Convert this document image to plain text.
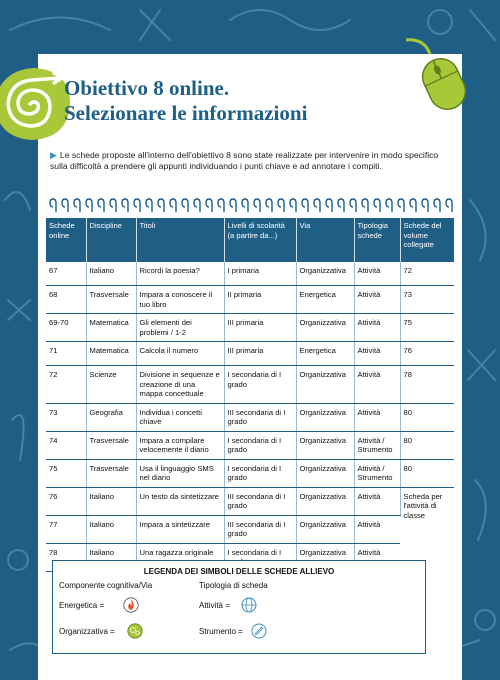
Obiettivo 8 online.
Selezionare le informazioni

▶ Le schede proposte all'interno dell'obiettivo 8 sono state realizzate per intervenire in modo specifico sulla difficoltà a prendere gli appunti individuando i punti chiave e ad annotare i compiti.

Schede online	Discipline	Titoli	Livelli di scolarità (a partire da...)	Via	Tipologia schede	Schede del volume collegate
67	Italiano	Ricordi la poesia?	I primaria	Organizzativa	Attività	72
68	Trasversale	Impara a conoscere il tuo libro	II primaria	Energetica	Attività	73
69-70	Matematica	Gli elementi dei problemi / 1-2	III primaria	Organizzativa	Attività	75
71	Matematica	Calcola il numero	III primaria	Energetica	Attività	76
72	Scienze	Divisione in sequenze e creazione di una mappa concettuale	I secondaria di I grado	Organizzativa	Attività	78
73	Geografia	Individua i concetti chiave	III secondaria di I grado	Organizzativa	Attività	80
74	Trasversale	Impara a compilare velocemente il diario	I secondaria di I grado	Organizzativa	Attività / Strumento	80
75	Trasversale	Usa il linguaggio SMS nel diario	I secondaria di I grado	Organizzativa	Attività / Strumento	80
76	Italiano	Un testo da sintetizzare	III secondaria di I grado	Organizzativa	Attività	Scheda per l'attività di classe
77	Italiano	Impara a sintetizzare	III secondaria di I grado	Organizzativa	Attività	
78	Italiano	Una ragazza originale	I secondaria di I	Organizzativa	Attività	
LEGENDA DEI SIMBOLI DELLE SCHEDE ALLIEVO
Componente cognitiva/Via	Tipologia di scheda
Energetica =	Attività =
Organizzativa =	Strumento =
